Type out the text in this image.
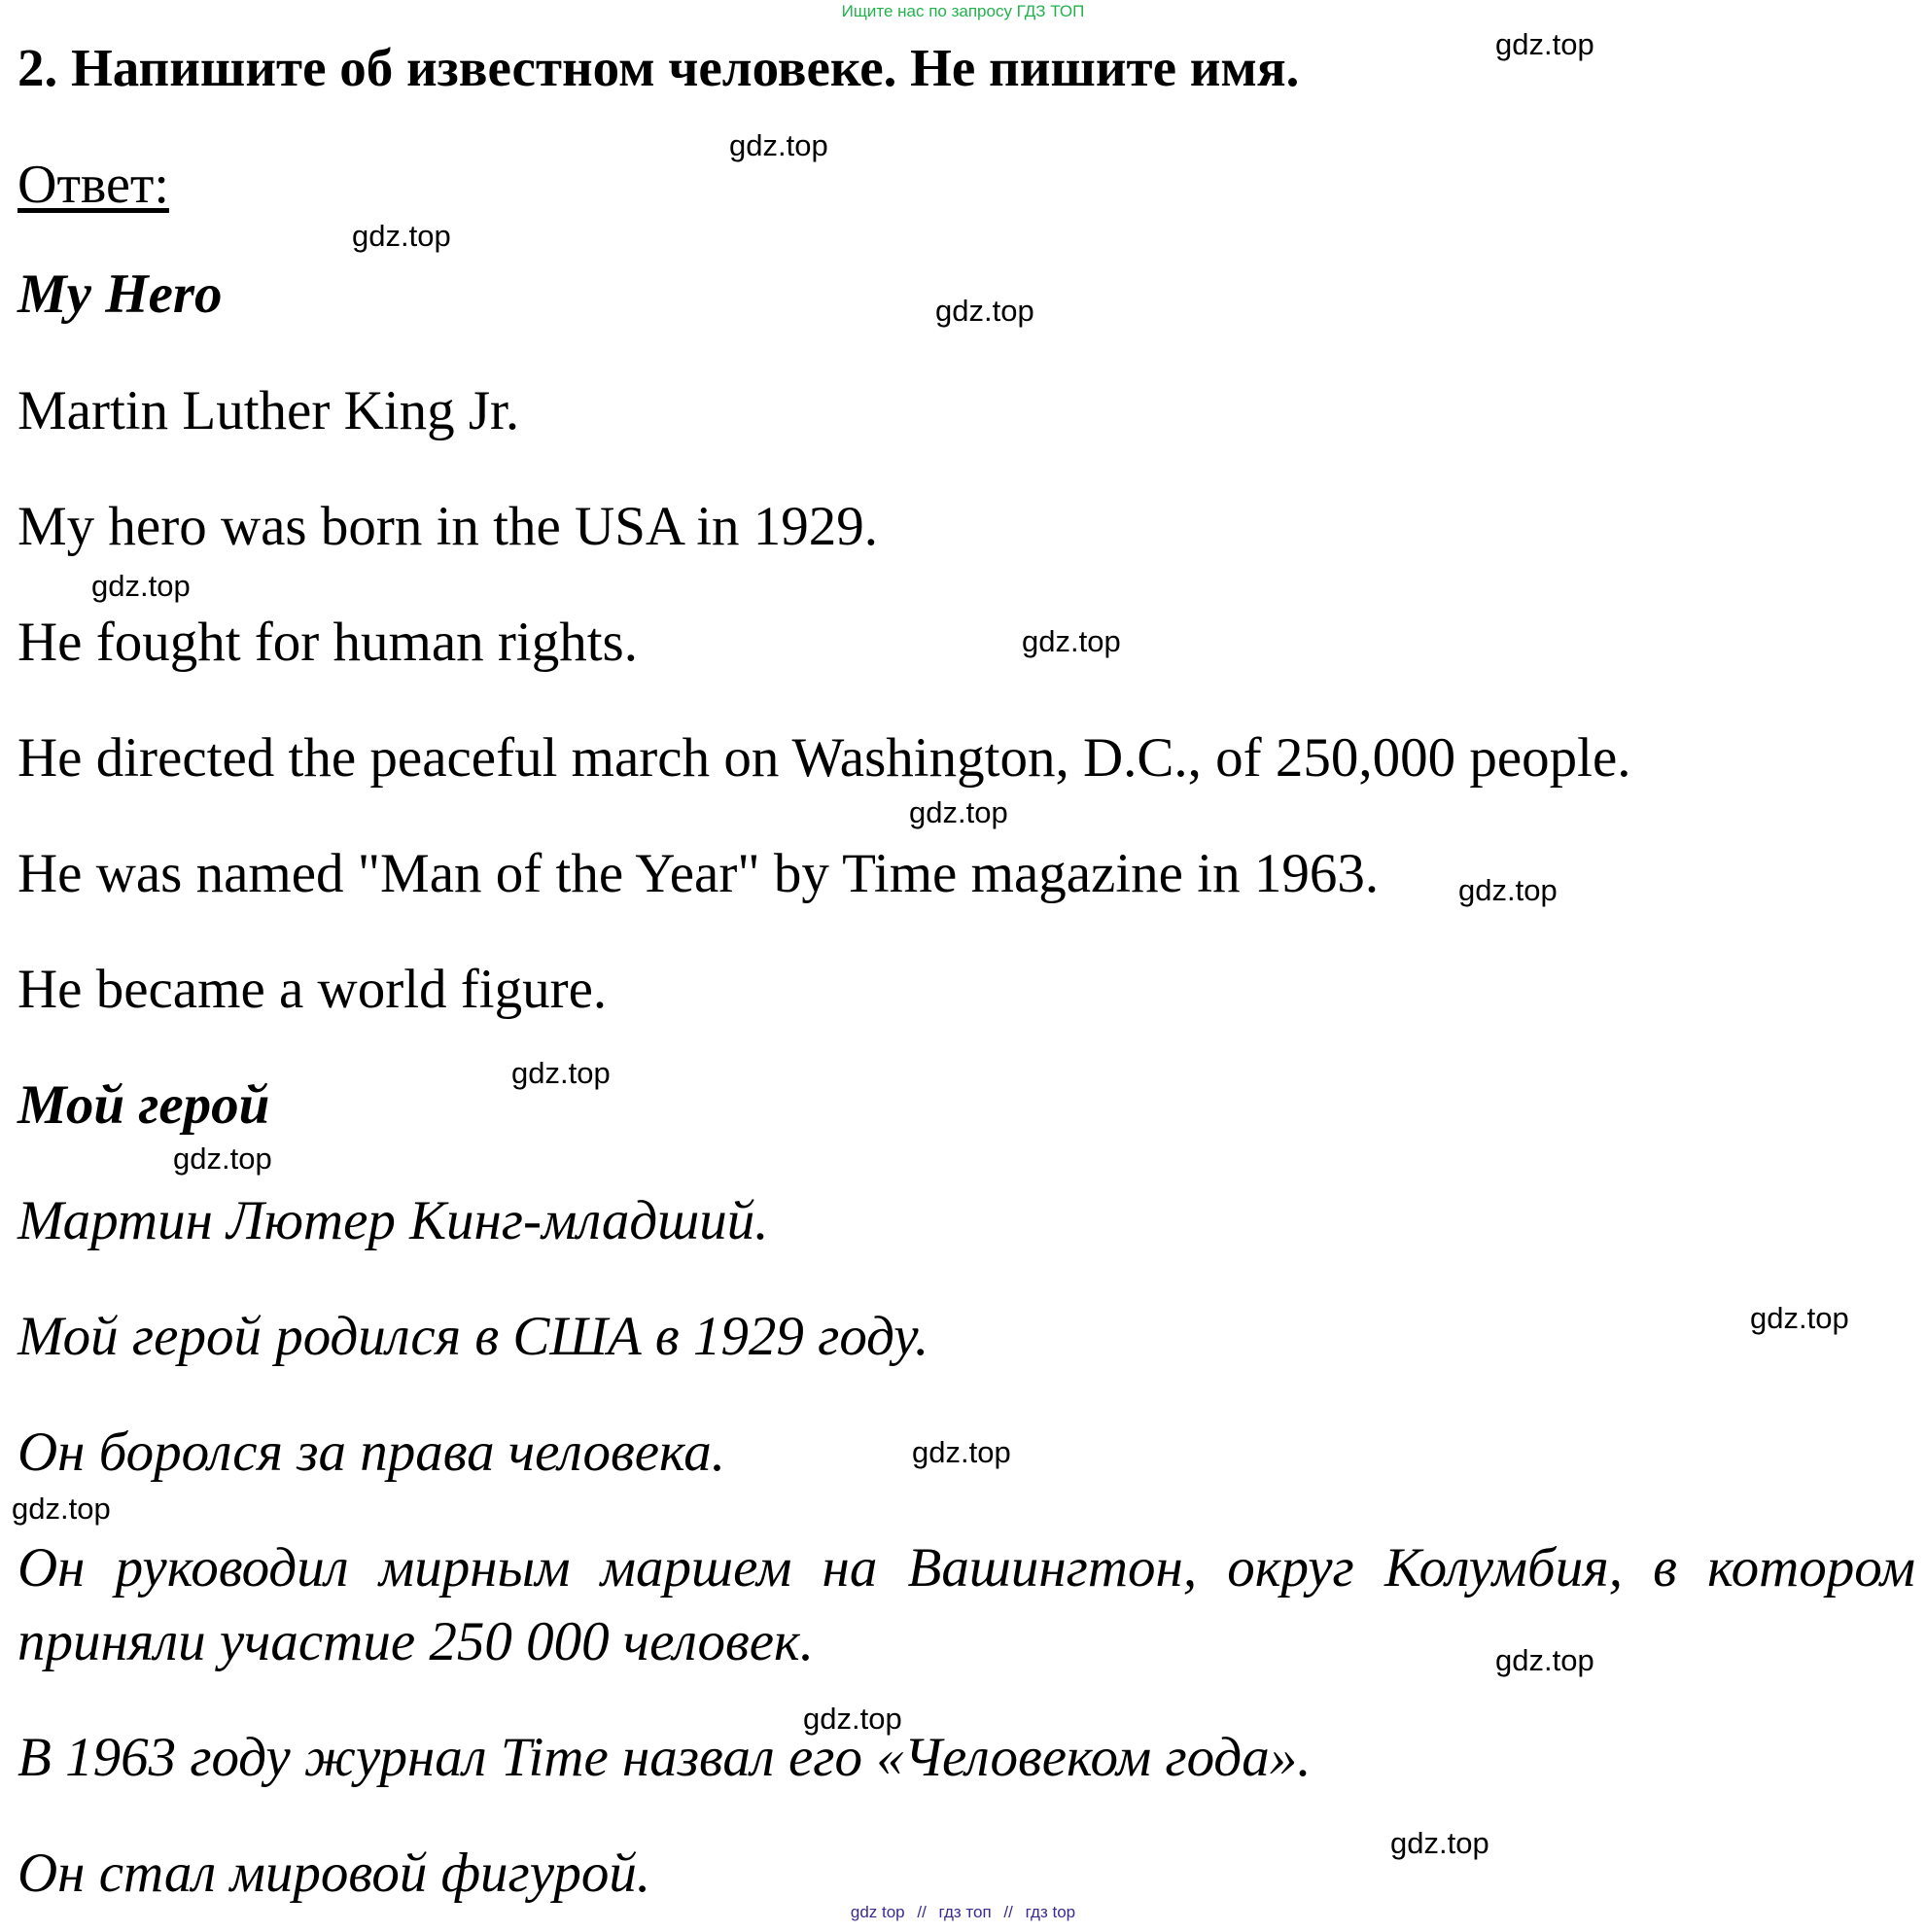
Ищите нас по запросу ГДЗ ТОП
2. Напишите об известном человеке. Не пишите имя.
Ответ:
My Hero
Martin Luther King Jr.
My hero was born in the USA in 1929.
He fought for human rights.
He directed the peaceful march on Washington, D.C., of 250,000 people.
He was named "Man of the Year" by Time magazine in 1963.
He became a world figure.
Мой герой
Мартин Лютер Кинг-младший.
Мой герой родился в США в 1929 году.
Он боролся за права человека.
Он руководил мирным маршем на Вашингтон, округ Колумбия, в котором
приняли участие 250 000 человек.
В 1963 году журнал Time назвал его «Человеком года».
Он стал мировой фигурой.
gdz.top
gdz.top
gdz.top
gdz.top
gdz.top
gdz.top
gdz.top
gdz.top
gdz.top
gdz.top
gdz.top
gdz.top
gdz.top
gdz.top
gdz.top
gdz.top
gdz top // гдз топ // гдз top
